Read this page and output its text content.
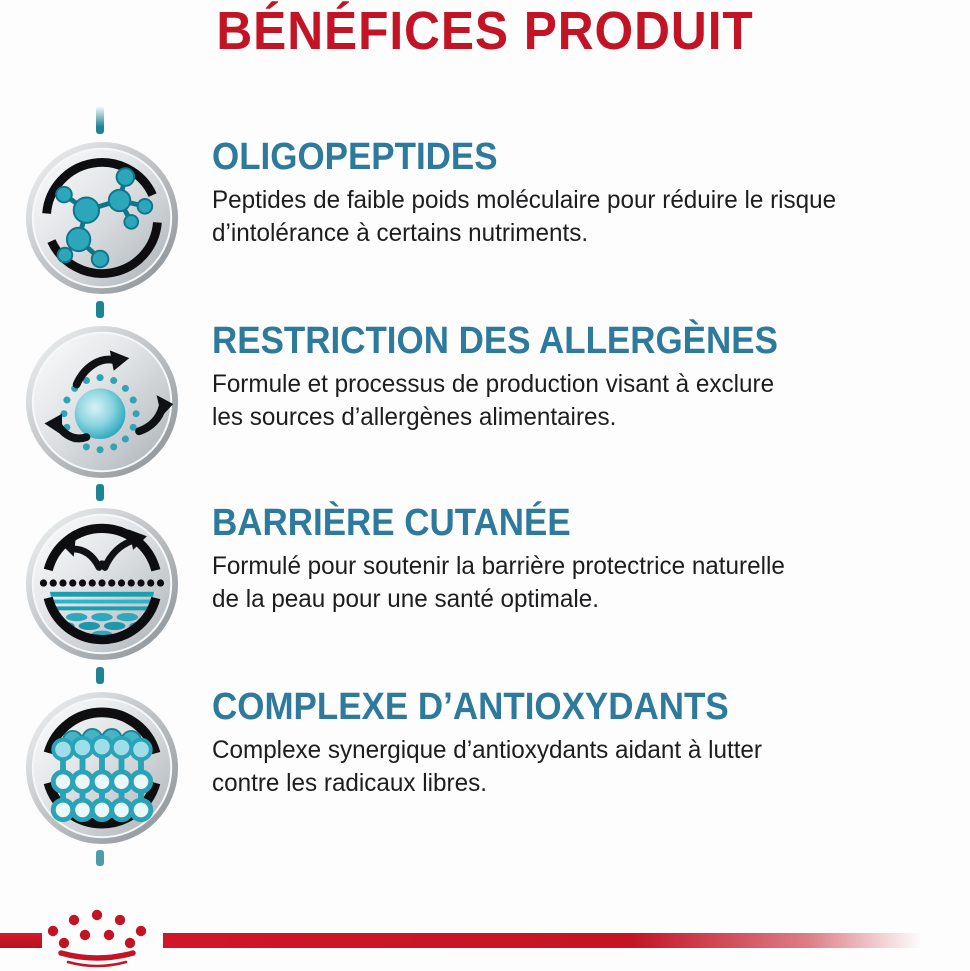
BÉNÉFICES PRODUIT
OLIGOPEPTIDES
Peptides de faible poids moléculaire pour réduire le risque
d’intolérance à certains nutriments.
RESTRICTION DES ALLERGÈNES
Formule et processus de production visant à exclure
les sources d’allergènes alimentaires.
BARRIÈRE CUTANÉE
Formulé pour soutenir la barrière protectrice naturelle
de la peau pour une santé optimale.
COMPLEXE D’ANTIOXYDANTS
Complexe synergique d’antioxydants aidant à lutter
contre les radicaux libres.
